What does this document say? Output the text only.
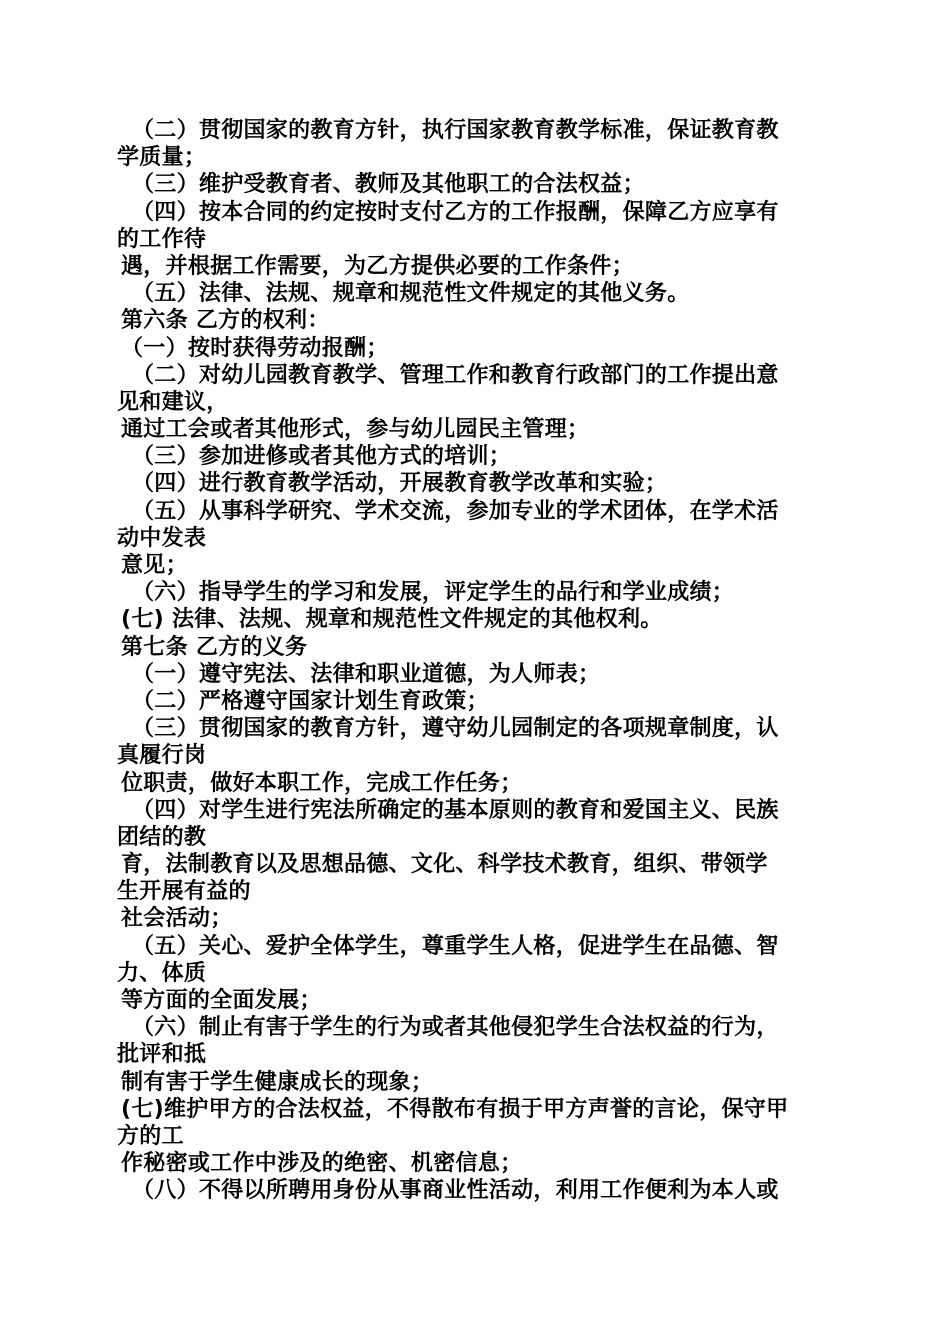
（二）贯彻国家的教育方针，执行国家教育教学标准，保证教育教
学质量；
（三）维护受教育者、教师及其他职工的合法权益；
（四）按本合同的约定按时支付乙方的工作报酬，保障乙方应享有
的工作待
遇，并根据工作需要，为乙方提供必要的工作条件；
（五）法律、法规、规章和规范性文件规定的其他义务。
第六条 乙方的权利：
（一）按时获得劳动报酬；
（二）对幼儿园教育教学、管理工作和教育行政部门的工作提出意
见和建议，
通过工会或者其他形式，参与幼儿园民主管理；
（三）参加进修或者其他方式的培训；
（四）进行教育教学活动，开展教育教学改革和实验；
（五）从事科学研究、学术交流，参加专业的学术团体，在学术活
动中发表
意见；
（六）指导学生的学习和发展，评定学生的品行和学业成绩；
(七) 法律、法规、规章和规范性文件规定的其他权利。
第七条 乙方的义务
（一）遵守宪法、法律和职业道德，为人师表；
（二）严格遵守国家计划生育政策；
（三）贯彻国家的教育方针，遵守幼儿园制定的各项规章制度，认
真履行岗
位职责，做好本职工作，完成工作任务；
（四）对学生进行宪法所确定的基本原则的教育和爱国主义、民族
团结的教
育，法制教育以及思想品德、文化、科学技术教育，组织、带领学
生开展有益的
社会活动；
（五）关心、爱护全体学生，尊重学生人格，促进学生在品德、智
力、体质
等方面的全面发展；
（六）制止有害于学生的行为或者其他侵犯学生合法权益的行为，
批评和抵
制有害于学生健康成长的现象；
(七)维护甲方的合法权益，不得散布有损于甲方声誉的言论，保守甲
方的工
作秘密或工作中涉及的绝密、机密信息；
（八）不得以所聘用身份从事商业性活动，利用工作便利为本人或
